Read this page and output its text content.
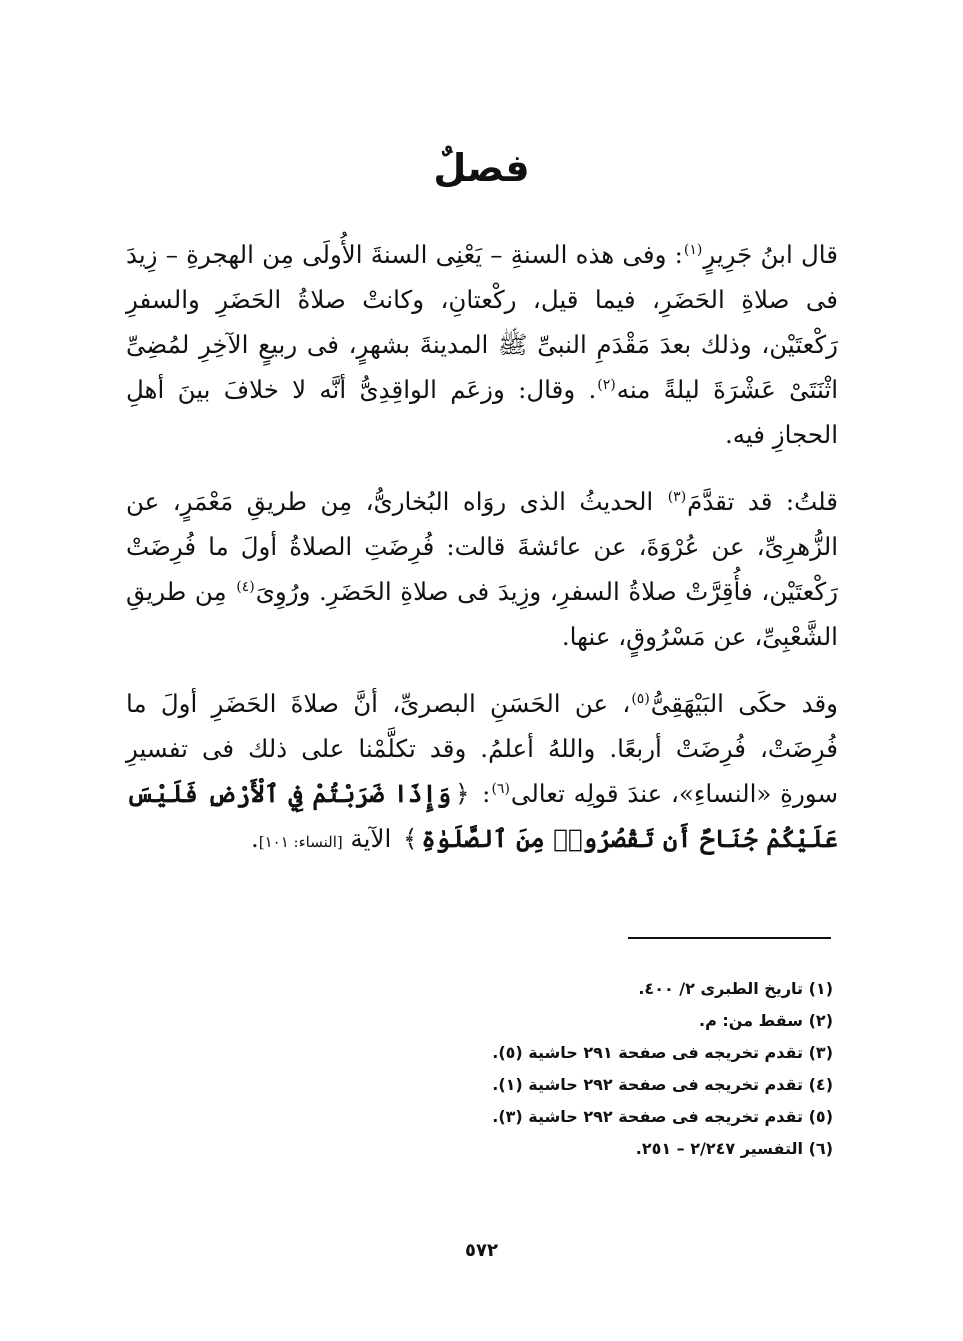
فصلٌ

قال ابنُ جَرِيرٍ$^{(١)}$: وفى هذه السنةِ – يَعْنِى السنةَ الأُولَى مِن الهجرةِ – زِيدَ فى صلاةِ الحَضَرِ، فيما قيل، ركْعتانِ، وكانتْ صلاةُ الحَضَرِ والسفرِ رَكْعتَيْن، وذلك بعدَ مَقْدَمِ النبىِّ ﷺ المدينةَ بشهرٍ، فى ربيعٍ الآخِرِ لمُضِىِّ اثْنَتَىْ عَشْرَةَ ليلةً منه$^{(٢)}$. وقال: وزعَم الواقِدِىُّ أنَّه لا خلافَ بينَ أهلِ الحجازِ فيه.

قلتُ: قد تقدَّمَ$^{(٣)}$ الحديثُ الذى روَاه البُخارىُّ، مِن طريقِ مَعْمَرٍ، عن الزُّهرِىِّ، عن عُرْوَةَ، عن عائشةَ قالت: فُرِضَتِ الصلاةُ أولَ ما فُرِضَتْ رَكْعتَيْن، فأُقِرَّتْ صلاةُ السفرِ، وزِيدَ فى صلاةِ الحَضَرِ. ورُوِىَ$^{(٤)}$ مِن طريقِ الشَّعْبِىِّ، عن مَسْرُوقٍ، عنها.

وقد حكَى البَيْهَقِىُّ$^{(٥)}$، عن الحَسَنِ البصرىِّ، أنَّ صلاةَ الحَضَرِ أولَ ما فُرِضَتْ، فُرِضَتْ أربعًا. واللهُ أعلمُ. وقد تكلَّمْنا على ذلك فى تفسيرِ سورةِ «النساءِ»، عندَ قولِه تعالى$^{(٦)}$: ﴿وَإِذَا ضَرَبْتُمْ فِي ٱلْأَرْضِ فَلَيْسَ عَلَيْكُمْ جُنَاحٌ أَن تَقْصُرُوا۟ مِنَ ٱلصَّلَوٰةِ﴾ الآية [النساء: ١٠١].

(١) تاريخ الطبرى ٢/ ٤٠٠.
(٢) سقط من: م.
(٣) تقدم تخريجه فى صفحة ٢٩١ حاشية (٥).
(٤) تقدم تخريجه فى صفحة ٢٩٢ حاشية (١).
(٥) تقدم تخريجه فى صفحة ٢٩٢ حاشية (٣).
(٦) التفسير ٢/٢٤٧ – ٢٥١.
٥٧٢
